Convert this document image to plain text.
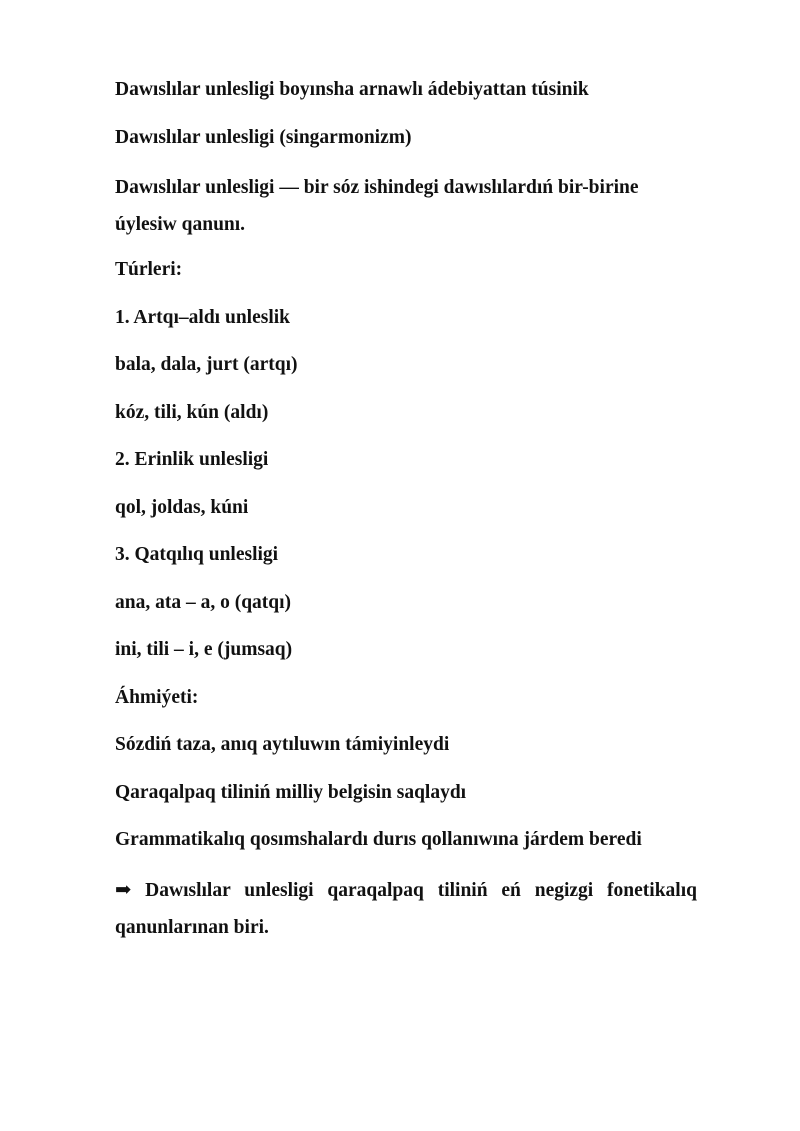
Dawıslılar unlesligi boyınsha arnawlı ádebiyattan túsinik

Dawıslılar unlesligi (singarmonizm)

Dawıslılar unlesligi — bir sóz ishindegi dawıslılardıń bir-birine úylesiw qanunı.

Túrleri:

1. Artqı–aldı unleslik

bala, dala, jurt (artqı)

kóz, tili, kún (aldı)

2. Erinlik unlesligi

qol, joldas, kúni

3. Qatqılıq unlesligi

ana, ata – a, o (qatqı)

ini, tili – i, e (jumsaq)

Áhmiýeti:

Sózdiń taza, anıq aytıluwın támiyinleydi

Qaraqalpaq tiliniń milliy belgisin saqlaydı

Grammatikalıq qosımshalardı durıs qollanıwına járdem beredi

➡ Dawıslılar unlesligi qaraqalpaq tiliniń eń negizgi fonetikalıq qanunlarınan biri.
